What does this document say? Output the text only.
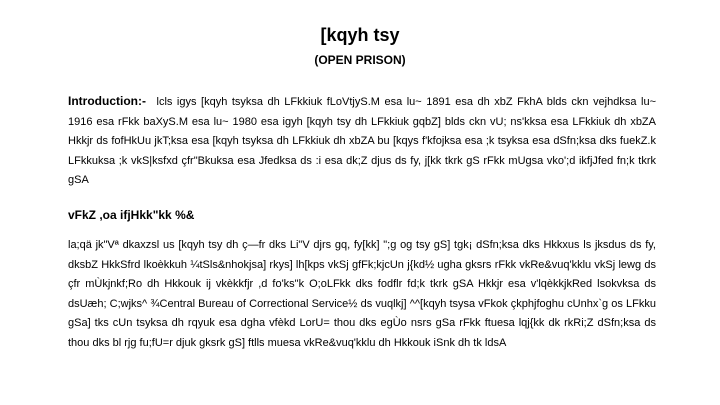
[kqyh tsy
(OPEN PRISON)

Introduction:- lcls igys [kqyh tsyksa dh LFkkiuk fLoVtjyS.M esa lu~ 1891 esa dh xbZ FkhA blds ckn vejhdksa lu~ 1916 esa rFkk baXyS.M esa lu~ 1980 esa igyh [kqyh tsy dh LFkkiuk gqbZ] blds ckn vU; ns'kksa esa LFkkiuk dh xbZA Hkkjr ds fofHkUu jkT;ksa esa [kqyh tsyksa dh LFkkiuk dh xbZA bu [kqys f'kfojksa esa ;k tsyksa esa dSfn;ksa dks fuekZ.k LFkkuksa ;k vkS|ksfxd çfr"Bkuksa esa Jfedksa ds :i esa dk;Z djus ds fy, j[kk tkrk gS rFkk mUgsa vko';d ikfjJfed fn;k tkrk gSA

vFkZ ,oa ifjHkk"kk %&

la;qä jk"Vª dkaxzsl us [kqyh tsy dh ç—fr dks Li"V djrs gq, fy[kk] ";g og tsy gS] tgk¡ dSfn;ksa dks Hkkxus ls jksdus ds fy, dksbZ HkkSfrd lkoèkkuh ¼tSls&nhokjsa] rkys] lh[kps vkSj gfFk;kjcUn j{kd½ ugha gksrs rFkk vkRe&vuq'kklu vkSj lewg ds çfr mÙkjnkf;Ro dh Hkkouk ij vkèkkfjr ,d fo'ks"k O;oLFkk dks fodflr fd;k tkrk gSA Hkkjr esa v'lqèkkjkRed lsokvksa ds dsUæh; C;wjks^ ¾Central Bureau of Correctional Service½ ds vuqlkj] ^^[kqyh tsysa vFkok çkphjfoghu cUnhx`g os LFkku gSa] tks cUn tsyksa dh rqyuk esa dgha vfèkd LorU= thou dks egÙo nsrs gSa rFkk ftuesa lqj{kk dk rkRi;Z dSfn;ksa ds thou dks bl rjg fu;fU=r djuk gksrk gS] ftlls muesa vkRe&vuq'kklu dh Hkkouk iSnk dh tk ldsA
